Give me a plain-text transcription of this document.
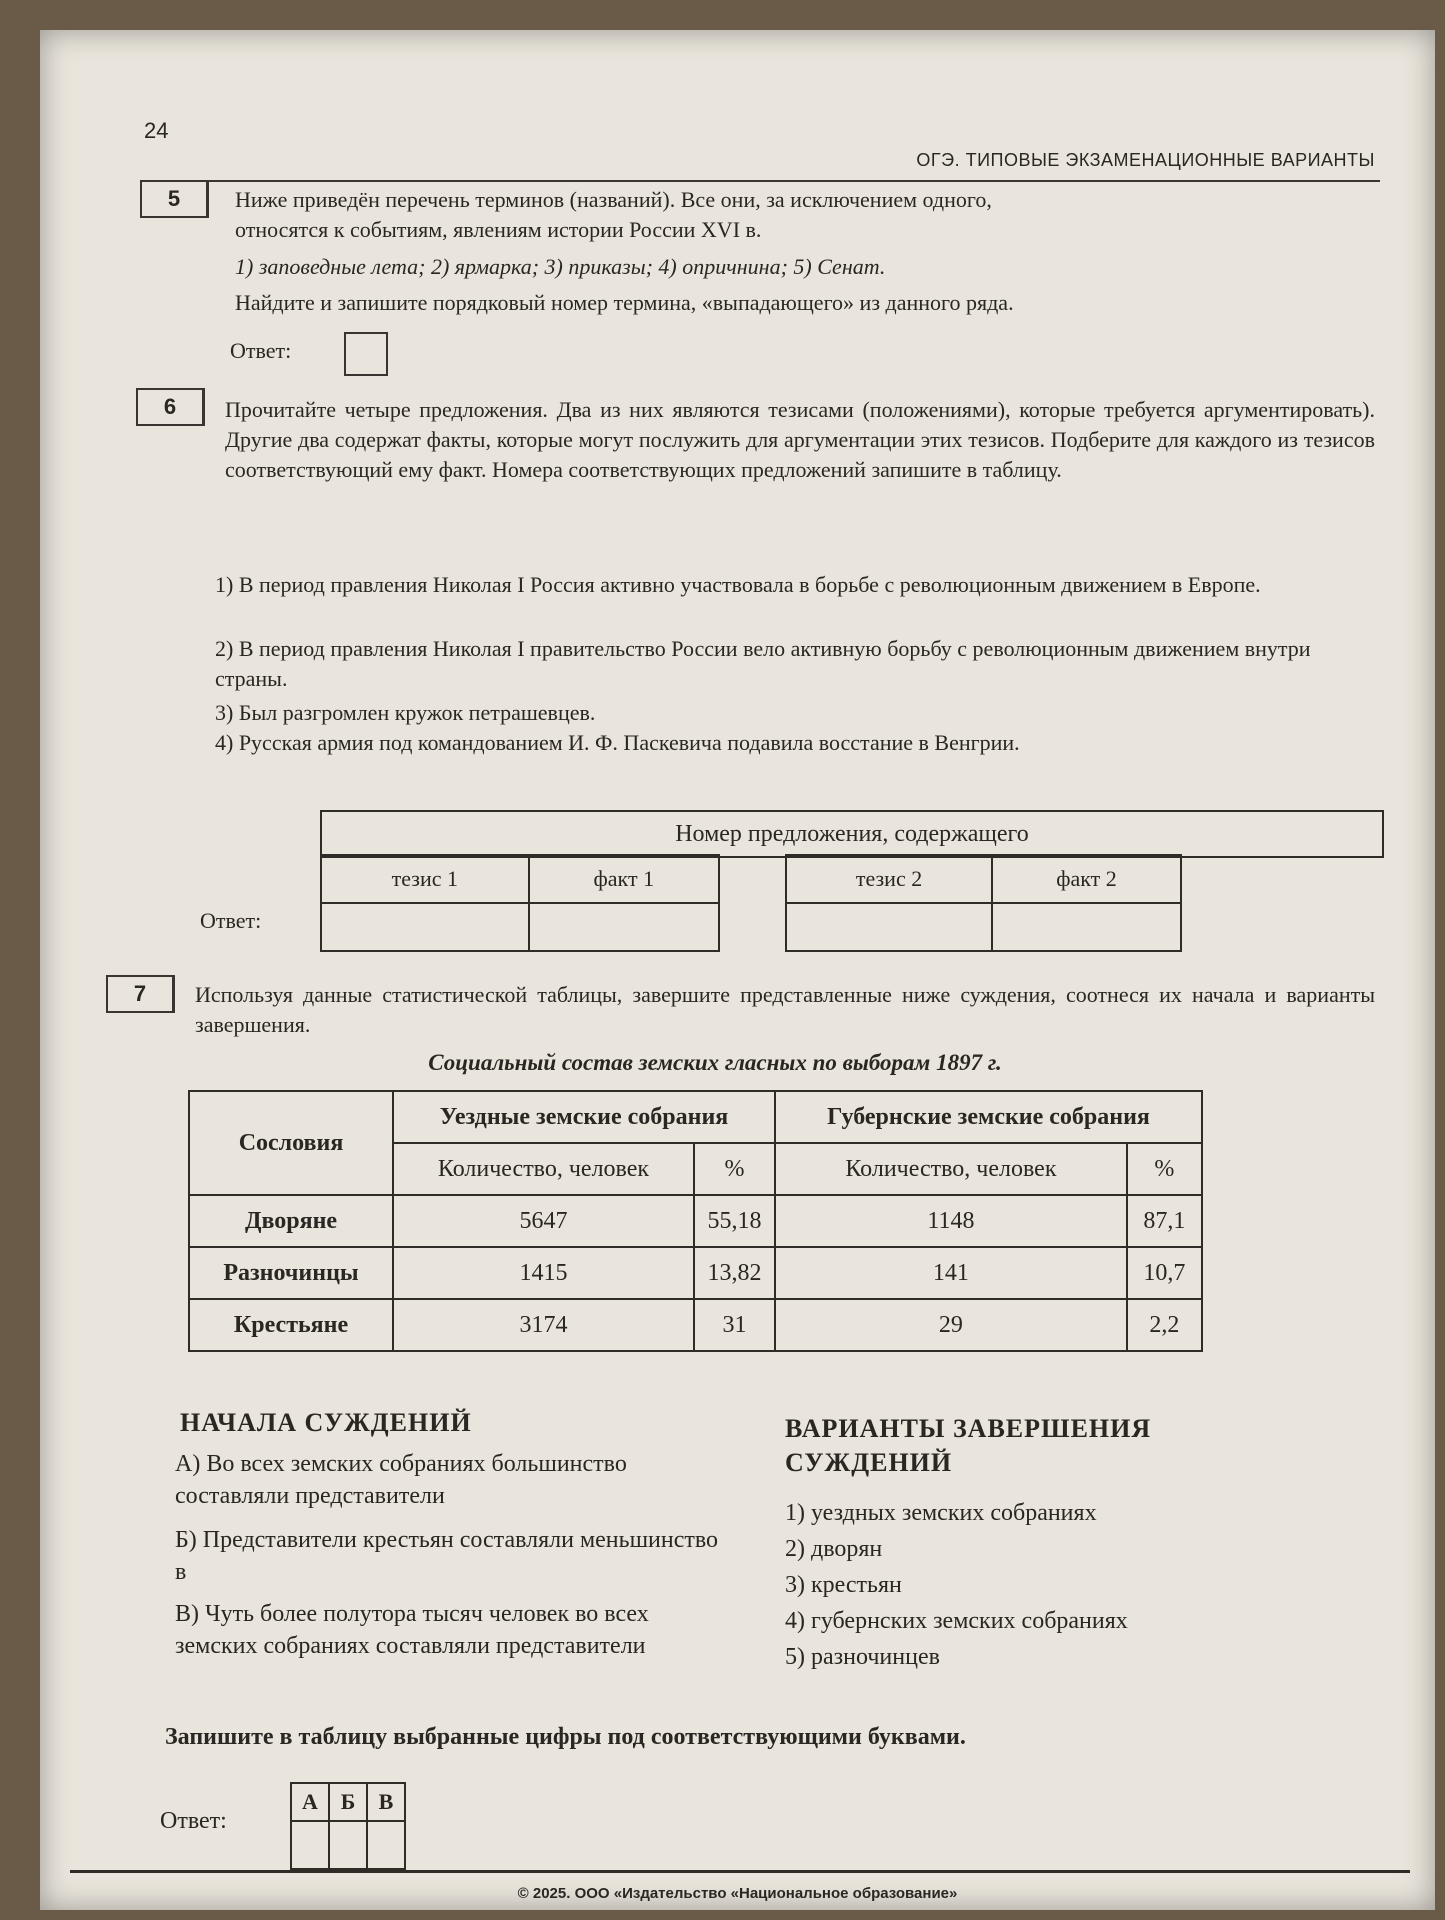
24
ОГЭ. ТИПОВЫЕ ЭКЗАМЕНАЦИОННЫЕ ВАРИАНТЫ
5	Ниже приведён перечень терминов (названий). Все они, за исключением одного,
относятся к событиям, явлениям истории России XVI в.
1) заповедные лета; 2) ярмарка; 3) приказы; 4) опричнина; 5) Сенат.
Найдите и запишите порядковый номер термина, «выпадающего» из данного ряда.
Ответ:
6	Прочитайте четыре предложения. Два из них являются тезисами (положениями), которые требуется аргументировать). Другие два содержат факты, которые могут послужить для аргументации этих тезисов. Подберите для каждого из тезисов соответствующий ему факт. Номера соответствующих предложений запишите в таблицу.
1) В период правления Николая I Россия активно участвовала в борьбе с революционным движением в Европе.
2) В период правления Николая I правительство России вело активную борьбу с революционным движением внутри страны.
3) Был разгромлен кружок петрашевцев.
4) Русская армия под командованием И. Ф. Паскевича подавила восстание в Венгрии.
Номер предложения, содержащего
тезис 1	факт 1
		тезис 2	факт 2

Ответ:
7	Используя данные статистической таблицы, завершите представленные ниже суждения, соотнеся их начала и варианты завершения.
Социальный состав земских гласных по выборам 1897 г.
Сословия	Уездные земские собрания		Губернские земские собрания	
	Количество, человек	%	Количество, человек	%
Дворяне	5647	55,18	1148	87,1
Разночинцы	1415	13,82	141	10,7
Крестьяне	3174	31	29	2,2
НАЧАЛА СУЖДЕНИЙ
А) Во всех земских собраниях большинство составляли представители
Б) Представители крестьян составляли меньшинство в
В) Чуть более полутора тысяч человек во всех земских собраниях составляли представители
ВАРИАНТЫ ЗАВЕРШЕНИЯ СУЖДЕНИЙ
1) уездных земских собраниях
2) дворян
3) крестьян
4) губернских земских собраниях
5) разночинцев
Запишите в таблицу выбранные цифры под соответствующими буквами.
Ответ:
А	Б	В

© 2025. ООО «Издательство «Национальное образование»
